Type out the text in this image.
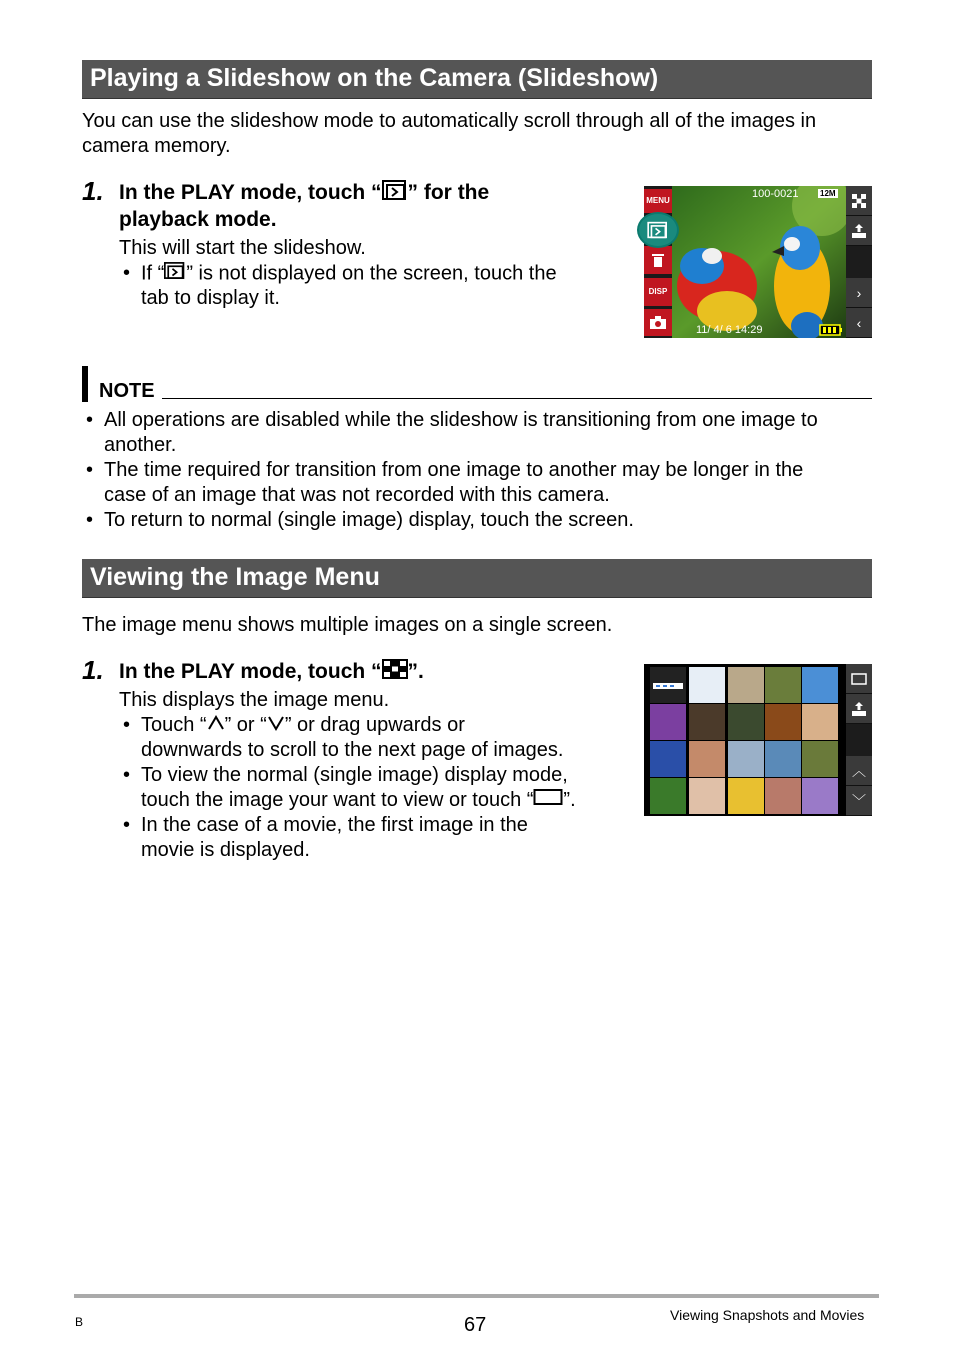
Playing a Slideshow on the Camera (Slideshow)
You can use the slideshow mode to automatically scroll through all of the images in
camera memory.
1. In the PLAY mode, touch “ ” for the
playback mode.
This will start the slideshow.
• If “ ” is not displayed on the screen, touch the
tab to display it.
MENU
DISP
100-0021	12M
11/ 4/ 6 14:29
›
‹
NOTE
• All operations are disabled while the slideshow is transitioning from one image to
another.
• The time required for transition from one image to another may be longer in the
case of an image that was not recorded with this camera.
• To return to normal (single image) display, touch the screen.
Viewing the Image Menu
The image menu shows multiple images on a single screen.
1. In the PLAY mode, touch “ ”.
This displays the image menu.
• Touch “ ” or “ ” or drag upwards or
downwards to scroll to the next page of images.
• To view the normal (single image) display mode,
touch the image your want to view or touch “ ”.
• In the case of a movie, the first image in the
movie is displayed.
︿
﹀
B	67	Viewing Snapshots and Movies
